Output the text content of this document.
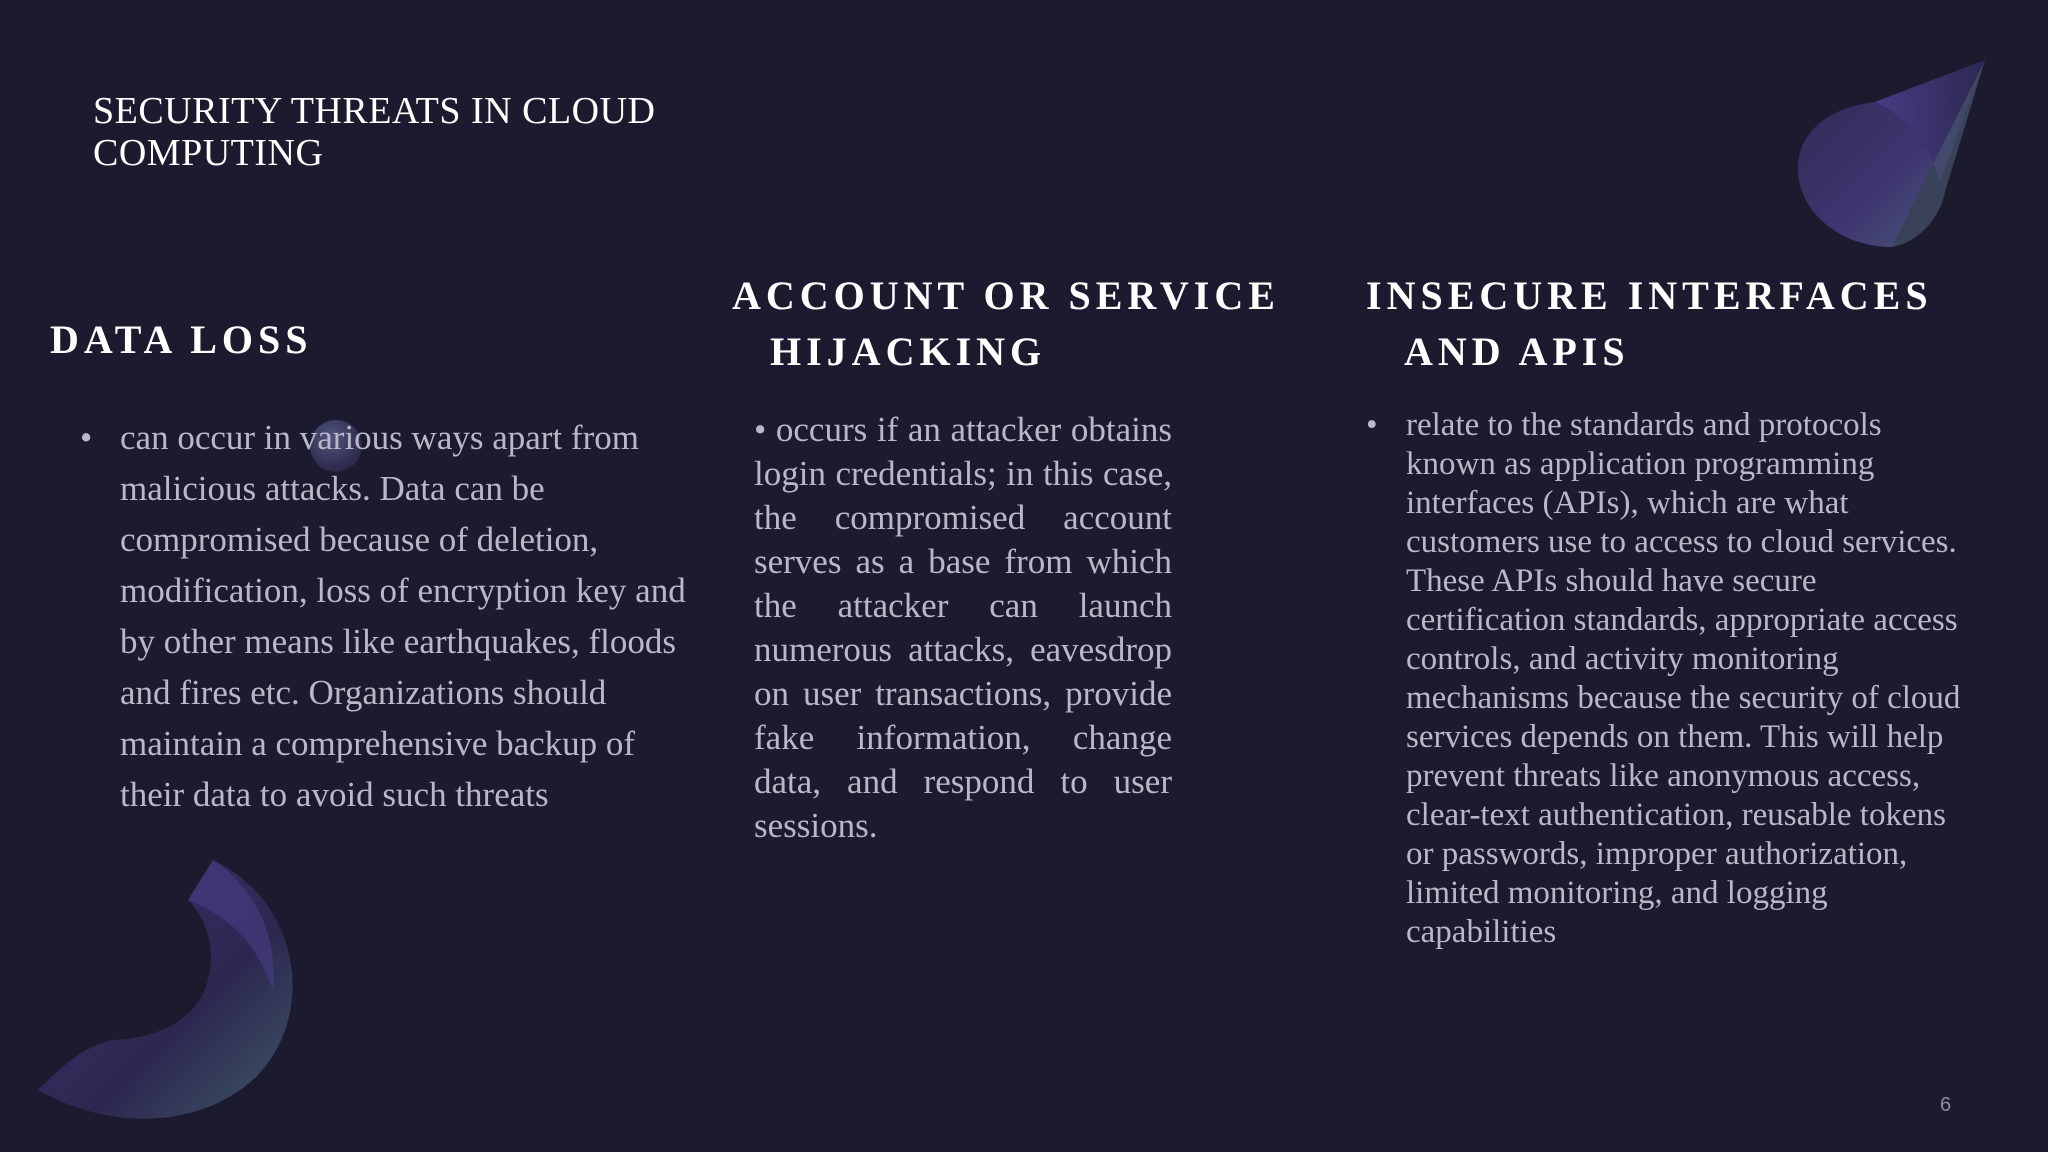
SECURITY THREATS IN CLOUD COMPUTING
DATA LOSS

• can occur in various ways apart from malicious attacks. Data can be compromised because of deletion, modification, loss of encryption key and by other means like earthquakes, floods and fires etc. Organizations should maintain a comprehensive backup of their data to avoid such threats

ACCOUNT OR SERVICE
HIJACKING

• occurs if an attacker obtains login credentials; in this case, the compromised account serves as a base from which the attacker can launch numerous attacks, eavesdrop on user transactions, provide fake information, change data, and respond to user sessions.

INSECURE INTERFACES
AND APIS

• relate to the standards and protocols known as application programming interfaces (APIs), which are what customers use to access to cloud services. These APIs should have secure certification standards, appropriate access controls, and activity monitoring mechanisms because the security of cloud services depends on them. This will help prevent threats like anonymous access, clear-text authentication, reusable tokens or passwords, improper authorization, limited monitoring, and logging capabilities

6
